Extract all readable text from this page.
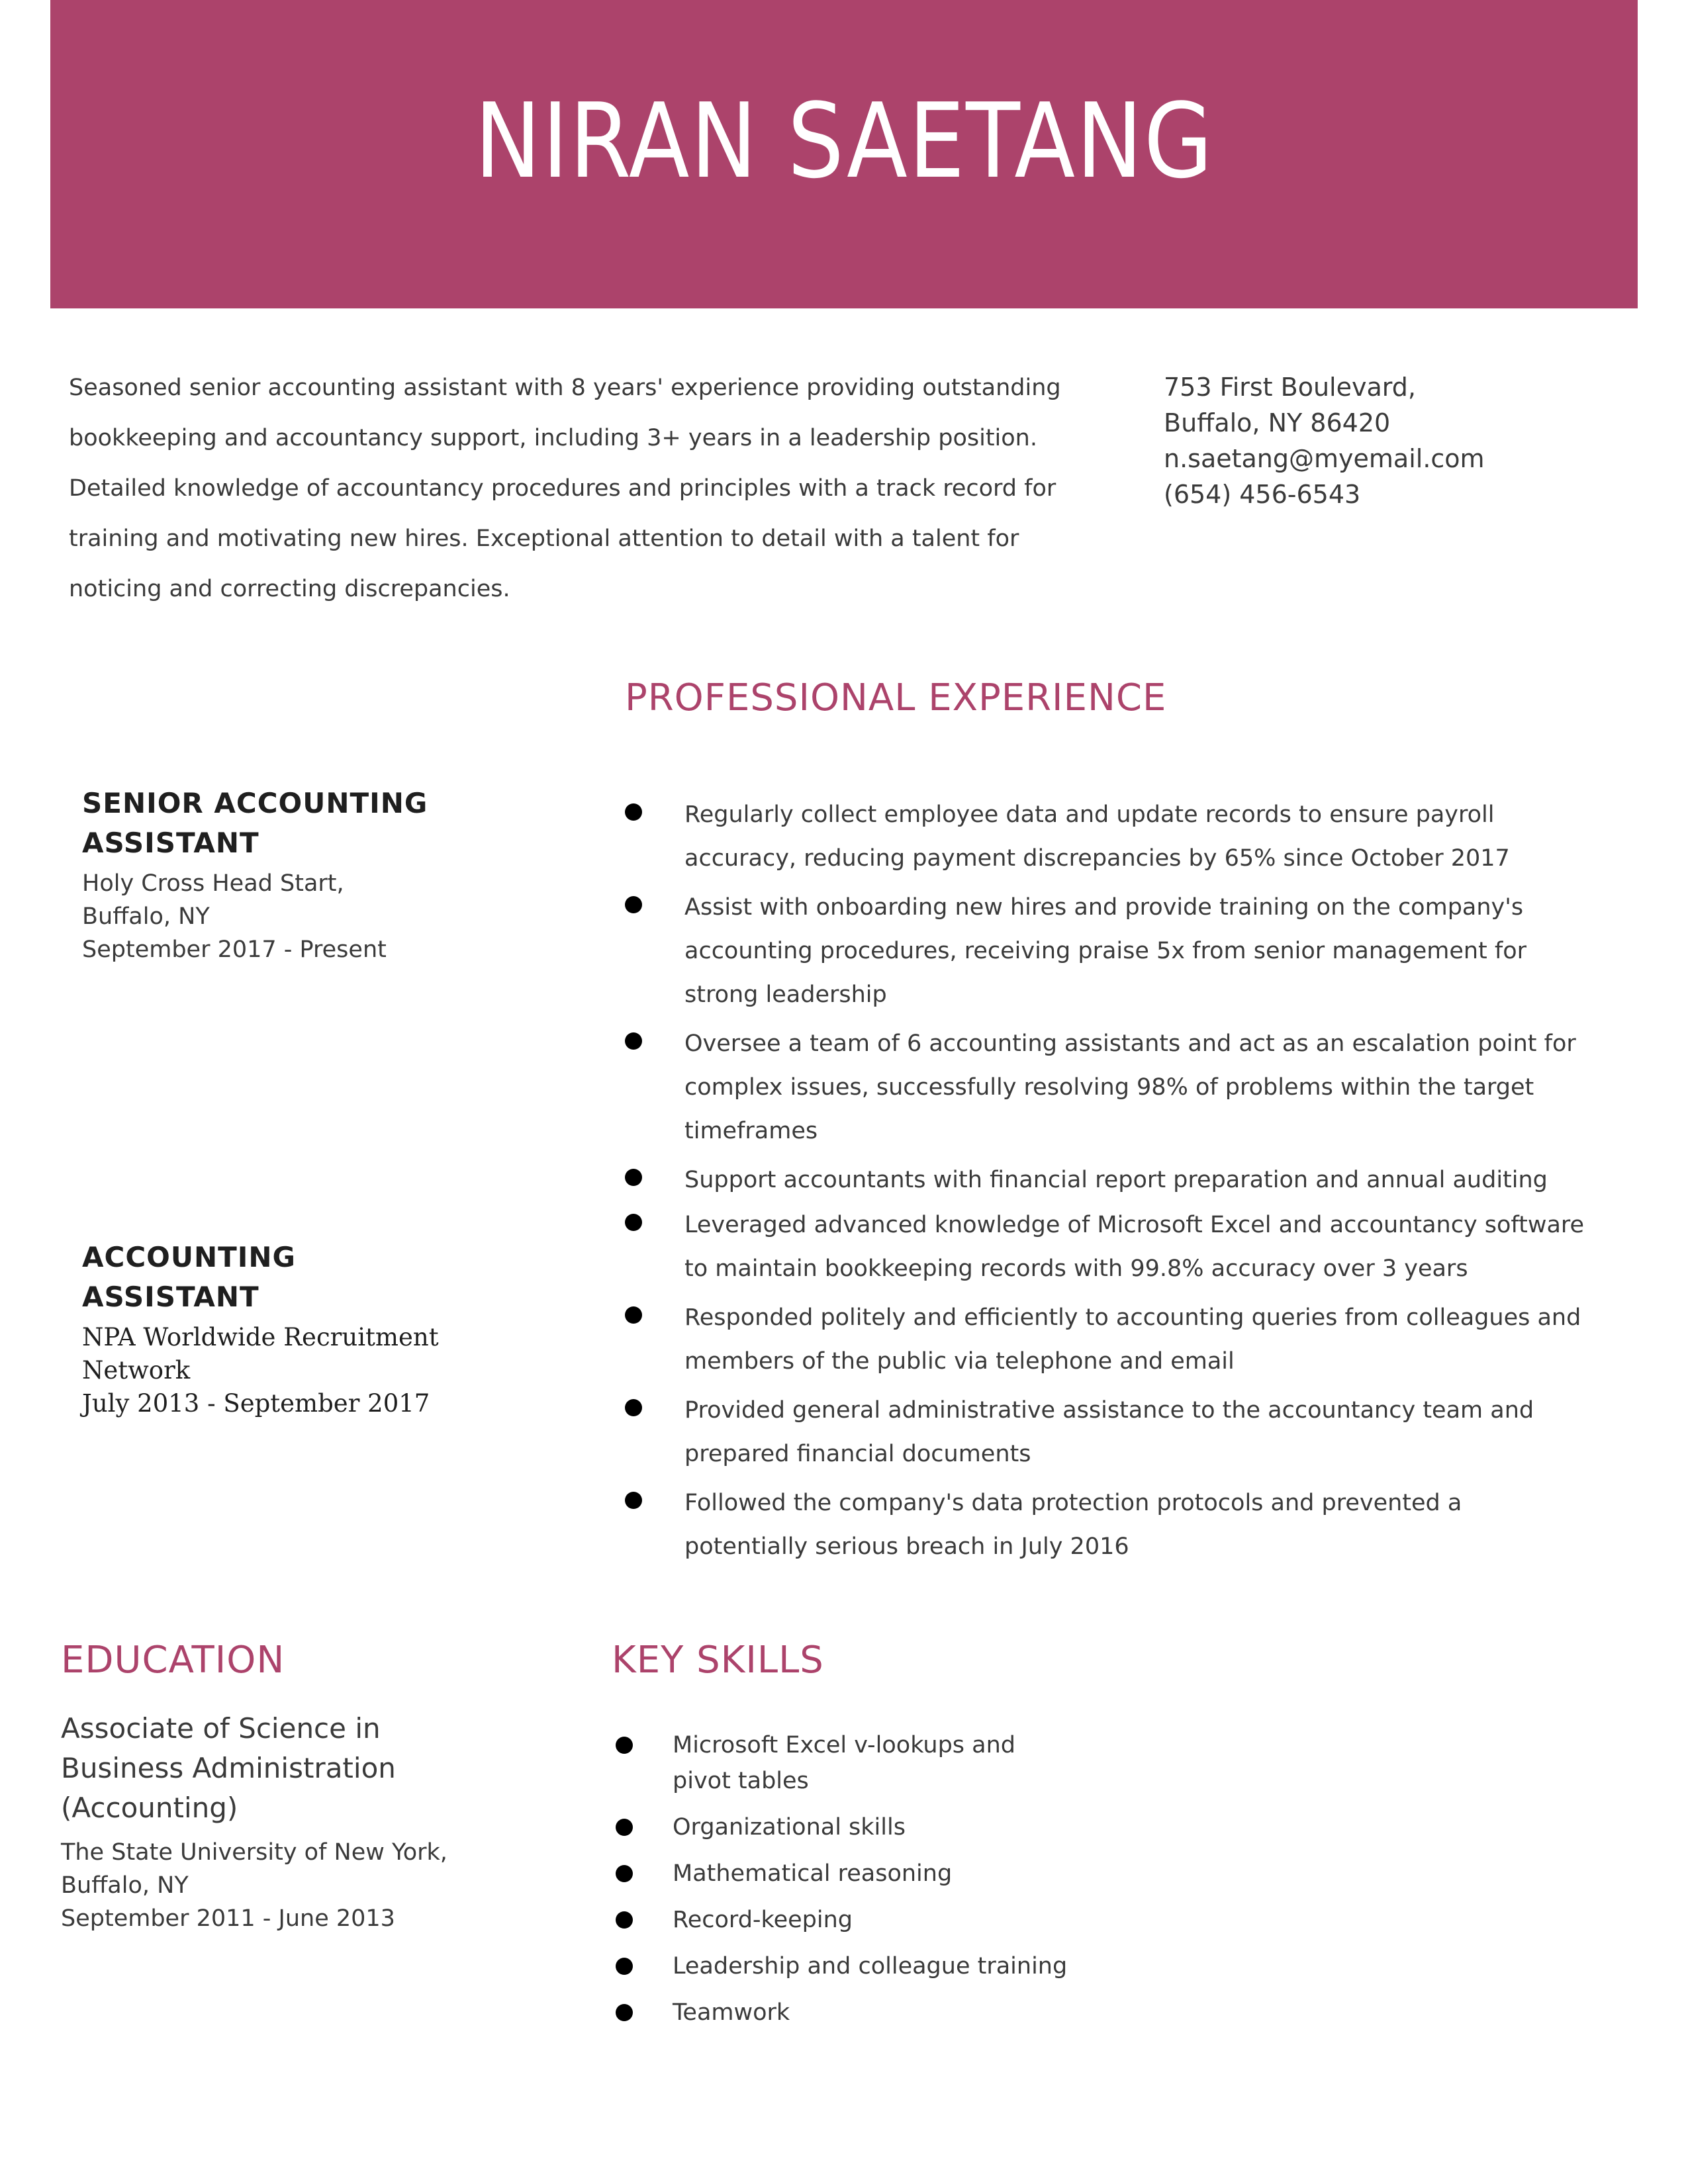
NIRAN SAETANG
Seasoned senior accounting assistant with 8 years' experience providing outstanding bookkeeping and accountancy support, including 3+ years in a leadership position. Detailed knowledge of accountancy procedures and principles with a track record for training and motivating new hires. Exceptional attention to detail with a talent for noticing and correcting discrepancies.
753 First Boulevard,
Buffalo, NY 86420
n.saetang@myemail.com
(654) 456-6543
PROFESSIONAL EXPERIENCE
SENIOR ACCOUNTING ASSISTANT
Holy Cross Head Start,
Buffalo, NY
September 2017 - Present
Regularly collect employee data and update records to ensure payroll accuracy, reducing payment discrepancies by 65% since October 2017
Assist with onboarding new hires and provide training on the company's accounting procedures, receiving praise 5x from senior management for strong leadership
Oversee a team of 6 accounting assistants and act as an escalation point for complex issues, successfully resolving 98% of problems within the target timeframes
Support accountants with financial report preparation and annual auditing
ACCOUNTING ASSISTANT
NPA Worldwide Recruitment Network
July 2013 - September 2017
Leveraged advanced knowledge of Microsoft Excel and accountancy software to maintain bookkeeping records with 99.8% accuracy over 3 years
Responded politely and efficiently to accounting queries from colleagues and members of the public via telephone and email
Provided general administrative assistance to the accountancy team and prepared financial documents
Followed the company's data protection protocols and prevented a potentially serious breach in July 2016
EDUCATION
Associate of Science in Business Administration (Accounting)
The State University of New York,
Buffalo, NY
September 2011 - June 2013
KEY SKILLS
Microsoft Excel v-lookups and pivot tables
Organizational skills
Mathematical reasoning
Record-keeping
Leadership and colleague training
Teamwork
